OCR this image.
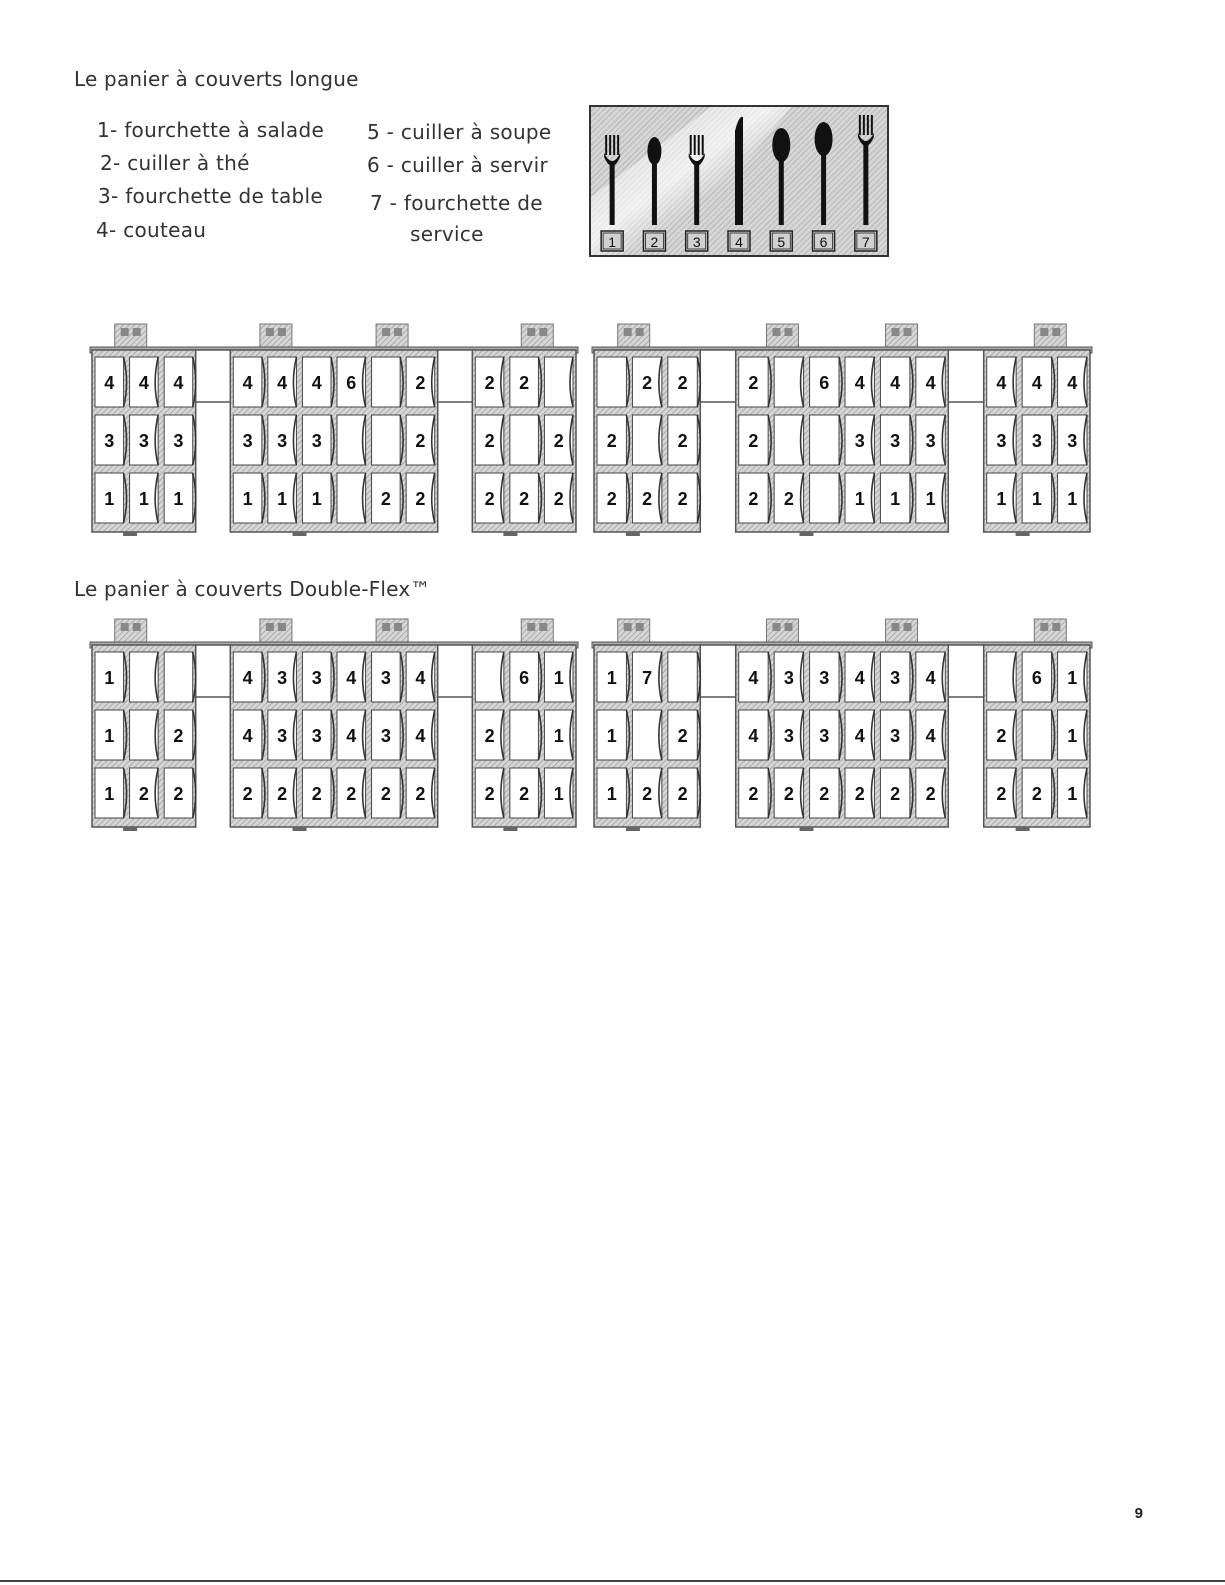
Le panier à couverts longue
1- fourchette à salade
2- cuiller à thé
3- fourchette de table
4- couteau
5 - cuiller à soupe
6 - cuiller à servir
7 - fourchette de
service	1 2 3 4 5 6 7
4 4 4	4 4 4 6	2	2 2
3 3 3	3 3 3	2	2	2
1 1 1	1 1 1	2 2	2 2 2
2 2	2	6 4 4 4	4 4 4
2	2	2	3 3 3	3 3 3
2 2 2	2 2	1 1 1	1 1 1
Le panier à couverts Double-Flex™
1	4 3 3 4 3 4	6 1
1	2	4 3 3 4 3 4	2	1
1 2 2	2 2 2 2 2 2	2 2 1
1 7	4 3 3 4 3 4	6 1
1	2	4 3 3 4 3 4	2	1
1 2 2	2 2 2 2 2 2	2 2 1
9
